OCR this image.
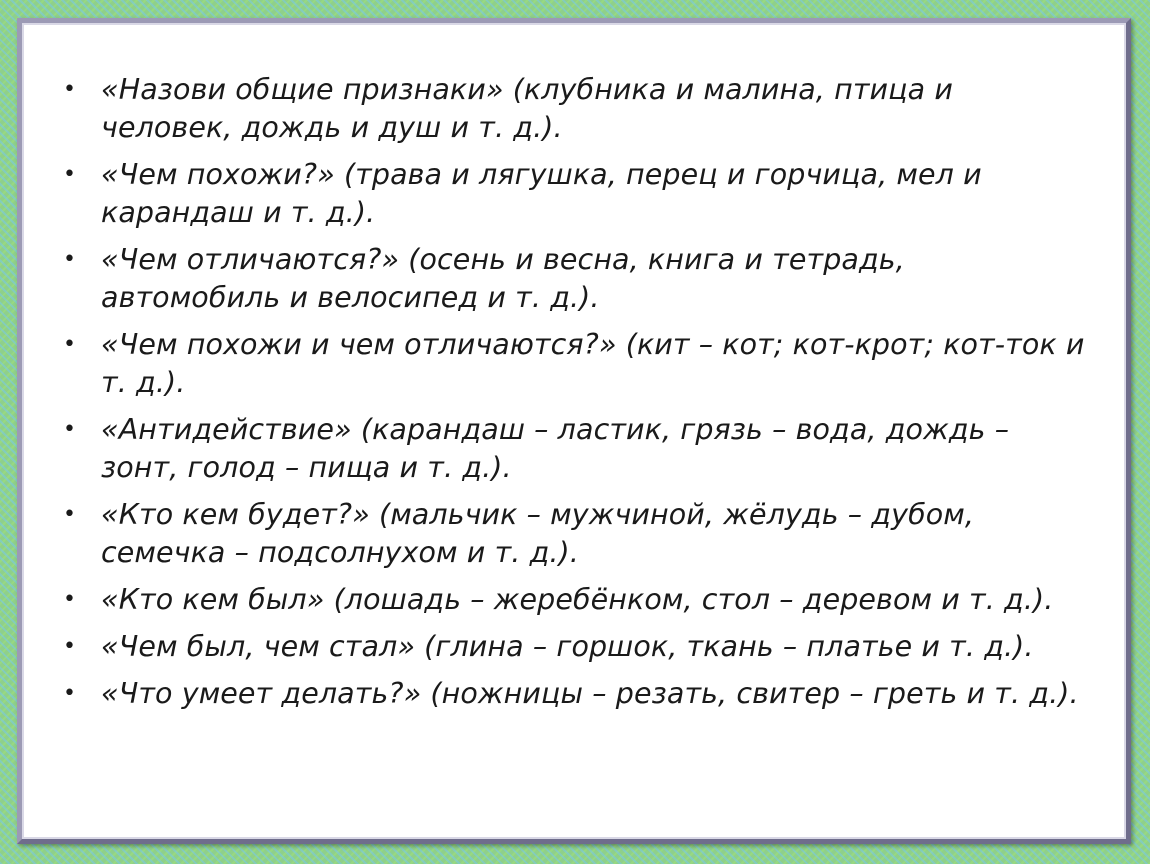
• «Назови общие признаки» (клубника и малина, птица и человек, дождь и душ и т. д.).
• «Чем похожи?» (трава и лягушка, перец и горчица, мел и карандаш и т. д.).
• «Чем отличаются?» (осень и весна, книга и тетрадь, автомобиль и велосипед и т. д.).
• «Чем похожи и чем отличаются?» (кит – кот; кот-крот; кот-ток и т. д.).
• «Антидействие» (карандаш – ластик, грязь – вода, дождь – зонт, голод – пища и т. д.).
• «Кто кем будет?» (мальчик – мужчиной, жёлудь – дубом, семечка – подсолнухом и т. д.).
• «Кто кем был» (лошадь – жеребёнком, стол – деревом и т. д.).
• «Чем был, чем стал» (глина – горшок, ткань – платье и т. д.).
• «Что умеет делать?» (ножницы – резать, свитер – греть и т. д.).
